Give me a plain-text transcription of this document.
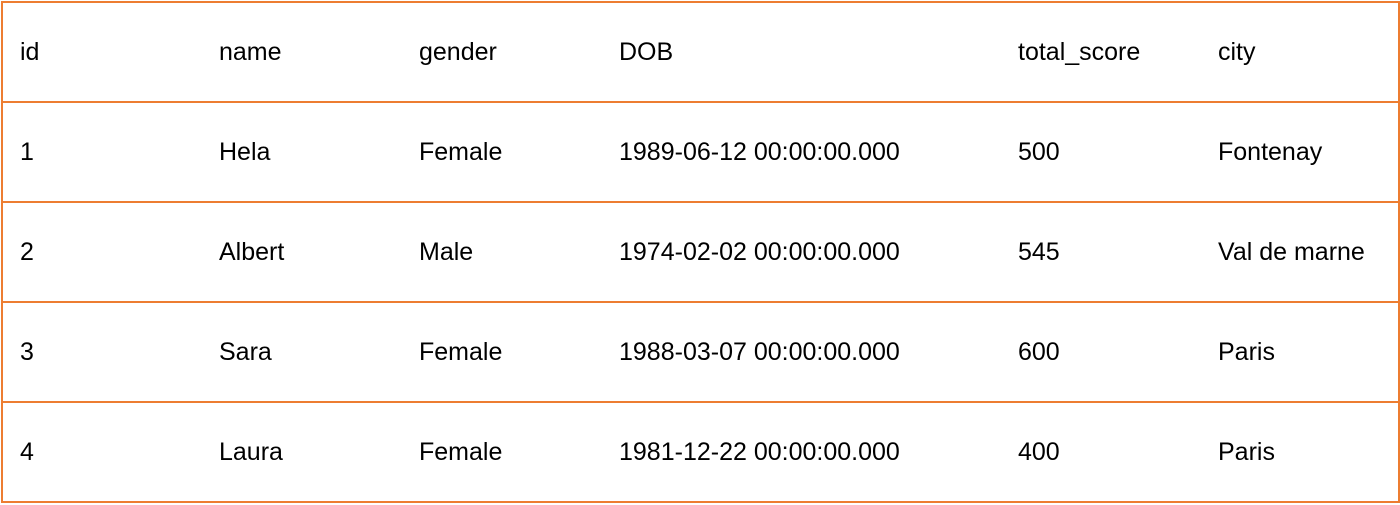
id	name	gender	DOB	total_score	city
1	Hela	Female	1989-06-12 00:00:00.000	500	Fontenay
2	Albert	Male	1974-02-02 00:00:00.000	545	Val de marne
3	Sara	Female	1988-03-07 00:00:00.000	600	Paris
4	Laura	Female	1981-12-22 00:00:00.000	400	Paris
